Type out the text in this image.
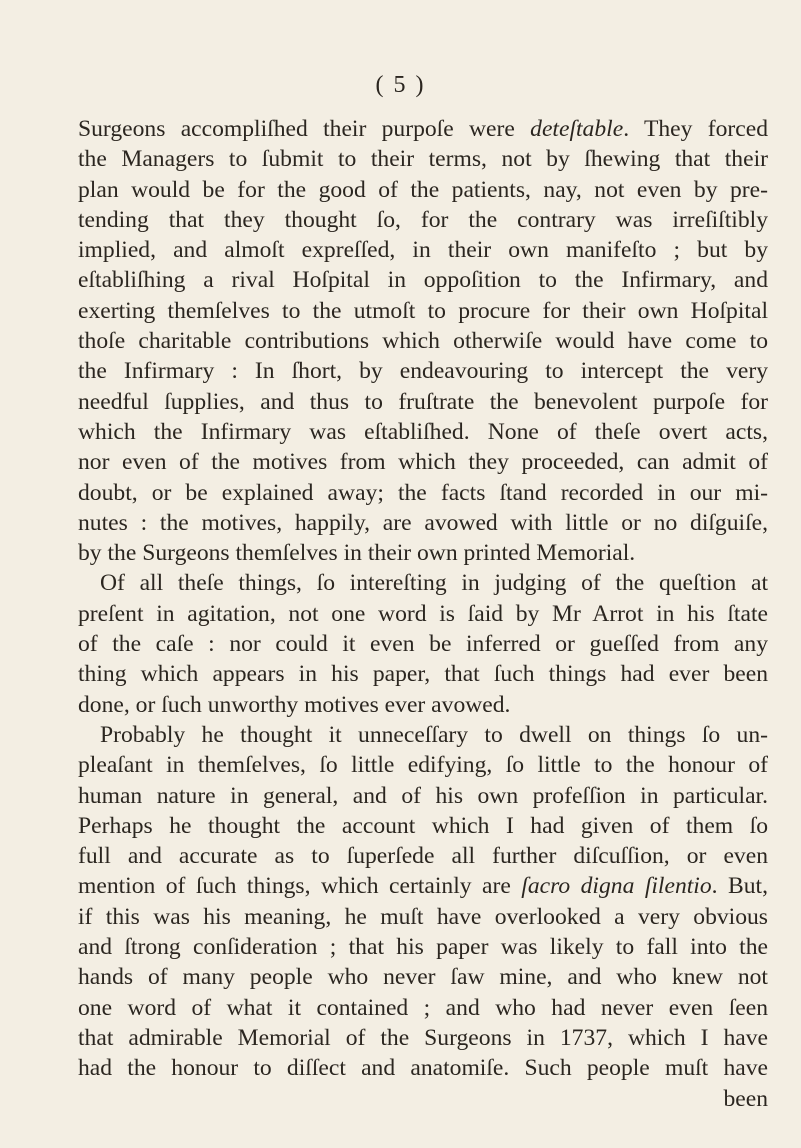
( 5 )
Surgeons accompliſhed their purpoſe were deteſtable. They forced
the Managers to ſubmit to their terms, not by ſhewing that their
plan would be for the good of the patients, nay, not even by pre-
tending that they thought ſo, for the contrary was irreſiſtibly
implied, and almoſt expreſſed, in their own manifeſto ; but by
eſtabliſhing a rival Hoſpital in oppoſition to the Infirmary, and
exerting themſelves to the utmoſt to procure for their own Hoſpital
thoſe charitable contributions which otherwiſe would have come to
the Infirmary : In ſhort, by endeavouring to intercept the very
needful ſupplies, and thus to fruſtrate the benevolent purpoſe for
which the Infirmary was eſtabliſhed. None of theſe overt acts,
nor even of the motives from which they proceeded, can admit of
doubt, or be explained away; the facts ſtand recorded in our mi-
nutes : the motives, happily, are avowed with little or no diſguiſe,
by the Surgeons themſelves in their own printed Memorial.
Of all theſe things, ſo intereſting in judging of the queſtion at
preſent in agitation, not one word is ſaid by Mr Arrot in his ſtate
of the caſe : nor could it even be inferred or gueſſed from any
thing which appears in his paper, that ſuch things had ever been
done, or ſuch unworthy motives ever avowed.
Probably he thought it unneceſſary to dwell on things ſo un-
pleaſant in themſelves, ſo little edifying, ſo little to the honour of
human nature in general, and of his own profeſſion in particular.
Perhaps he thought the account which I had given of them ſo
full and accurate as to ſuperſede all further diſcuſſion, or even
mention of ſuch things, which certainly are ſacro digna ſilentio. But,
if this was his meaning, he muſt have overlooked a very obvious
and ſtrong conſideration ; that his paper was likely to fall into the
hands of many people who never ſaw mine, and who knew not
one word of what it contained ; and who had never even ſeen
that admirable Memorial of the Surgeons in 1737, which I have
had the honour to diſſect and anatomiſe. Such people muſt have
been
